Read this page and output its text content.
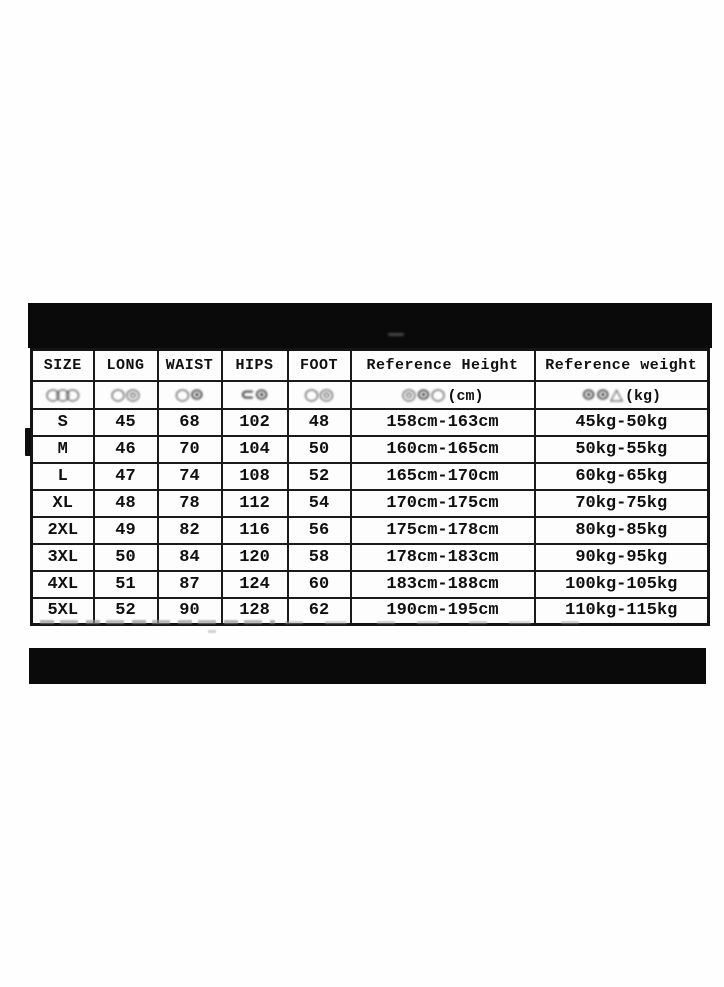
SIZE	LONG	WAIST	HIPS	FOOT	Reference Height	Reference weight
○○○	○◎	○⊙	⊂⊙	○◎	◎⊙○ (cm)	⊙⊙△ (kg)
S	45	68	102	48	158cm-163cm	45kg-50kg
M	46	70	104	50	160cm-165cm	50kg-55kg
L	47	74	108	52	165cm-170cm	60kg-65kg
XL	48	78	112	54	170cm-175cm	70kg-75kg
2XL	49	82	116	56	175cm-178cm	80kg-85kg
3XL	50	84	120	58	178cm-183cm	90kg-95kg
4XL	51	87	124	60	183cm-188cm	100kg-105kg
5XL	52	90	128	62	190cm-195cm	110kg-115kg
